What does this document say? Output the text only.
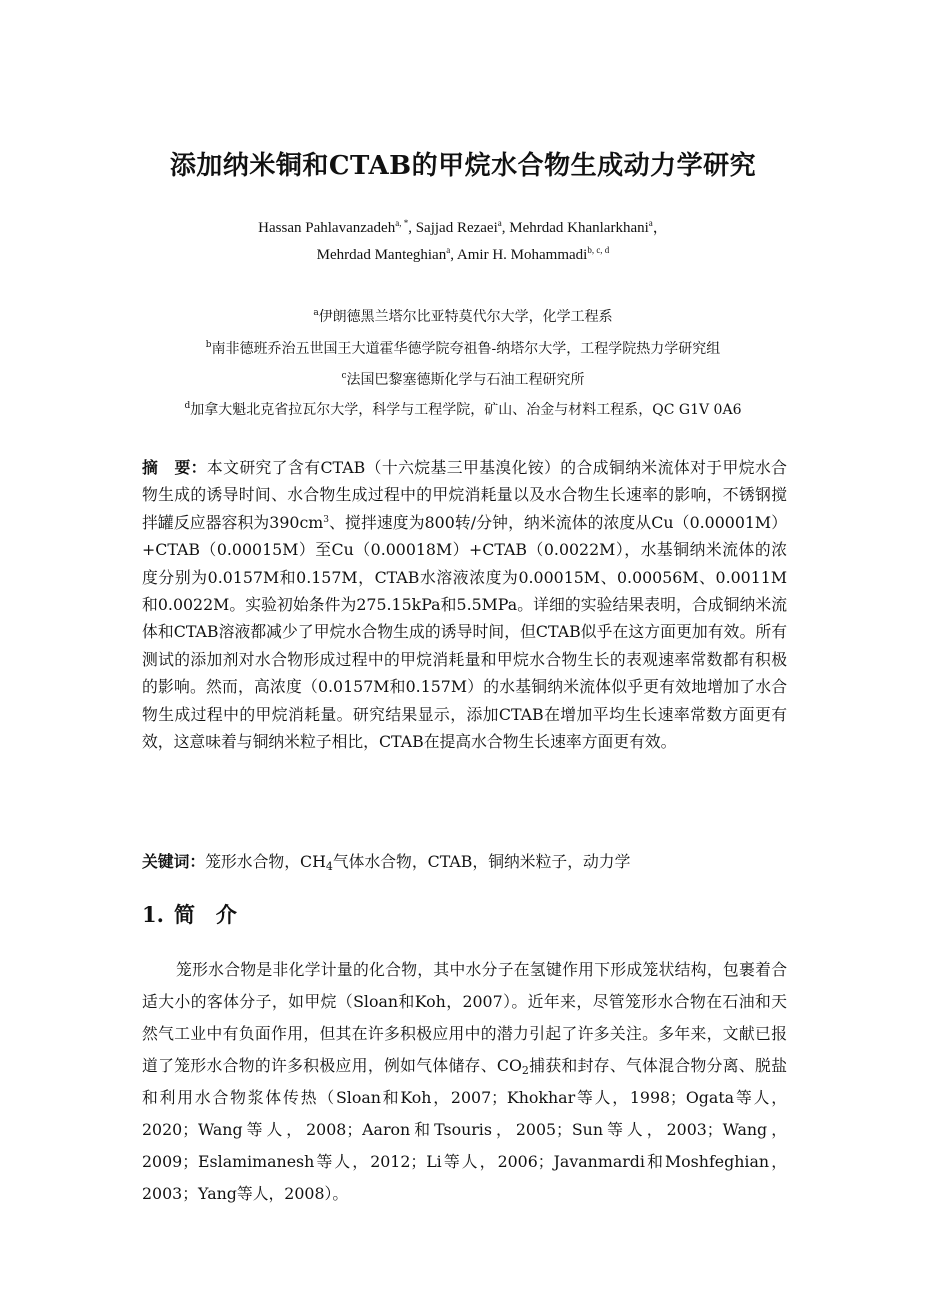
添加纳米铜和CTAB的甲烷水合物生成动力学研究
Hassan Pahlavanzadeh$^{a, *}$, Sajjad Rezaei$^a$, Mehrdad Khanlarkhani$^a$，
Mehrdad Manteghian$^a$, Amir H. Mohammadi$^{b, c, d}$
$^a$伊朗德黑兰塔尔比亚特莫代尔大学，化学工程系
$^b$南非德班乔治五世国王大道霍华德学院夸祖鲁-纳塔尔大学，工程学院热力学研究组
$^c$法国巴黎塞德斯化学与石油工程研究所
$^d$加拿大魁北克省拉瓦尔大学，科学与工程学院，矿山、冶金与材料工程系，QC G1V 0A6
摘　要：本文研究了含有CTAB（十六烷基三甲基溴化铵）的合成铜纳米流体对于甲烷水合物生成的诱导时间、水合物生成过程中的甲烷消耗量以及水合物生长速率的影响，不锈钢搅拌罐反应器容积为$390cm^3$、搅拌速度为800转/分钟，纳米流体的浓度从Cu（0.00001M） +CTAB（0.00015M）至Cu（0.00018M）+CTAB（0.0022M），水基铜纳米流体的浓度分别为0.0157M和0.157M，CTAB水溶液浓度为0.00015M、0.00056M、0.0011M和0.0022M。实验初始条件为275.15kPa和5.5MPa。详细的实验结果表明，合成铜纳米流体和CTAB溶液都减少了甲烷水合物生成的诱导时间，但CTAB似乎在这方面更加有效。所有测试的添加剂对水合物形成过程中的甲烷消耗量和甲烷水合物生长的表观速率常数都有积极的影响。然而，高浓度（0.0157M和0.157M）的水基铜纳米流体似乎更有效地增加了水合物生成过程中的甲烷消耗量。研究结果显示，添加CTAB在增加平均生长速率常数方面更有效，这意味着与铜纳米粒子相比，CTAB在提高水合物生长速率方面更有效。
关键词：笼形水合物，$CH_4$气体水合物，CTAB，铜纳米粒子，动力学
1. 简　介
笼形水合物是非化学计量的化合物，其中水分子在氢键作用下形成笼状结构，包裹着合适大小的客体分子，如甲烷（Sloan和Koh，2007）。近年来，尽管笼形水合物在石油和天然气工业中有负面作用，但其在许多积极应用中的潜力引起了许多关注。多年来，文献已报道了笼形水合物的许多积极应用，例如气体储存、$CO_2$捕获和封存、气体混合物分离、脱盐和利用水合物浆体传热（Sloan和Koh，2007；Khokhar等人，1998；Ogata等人，2020；Wang等人，2008；Aaron和Tsouris，2005；Sun等人，2003；Wang，2009；Eslamimanesh等人，2012；Li等人，2006；Javanmardi和Moshfeghian，2003；Yang等人，2008）。
